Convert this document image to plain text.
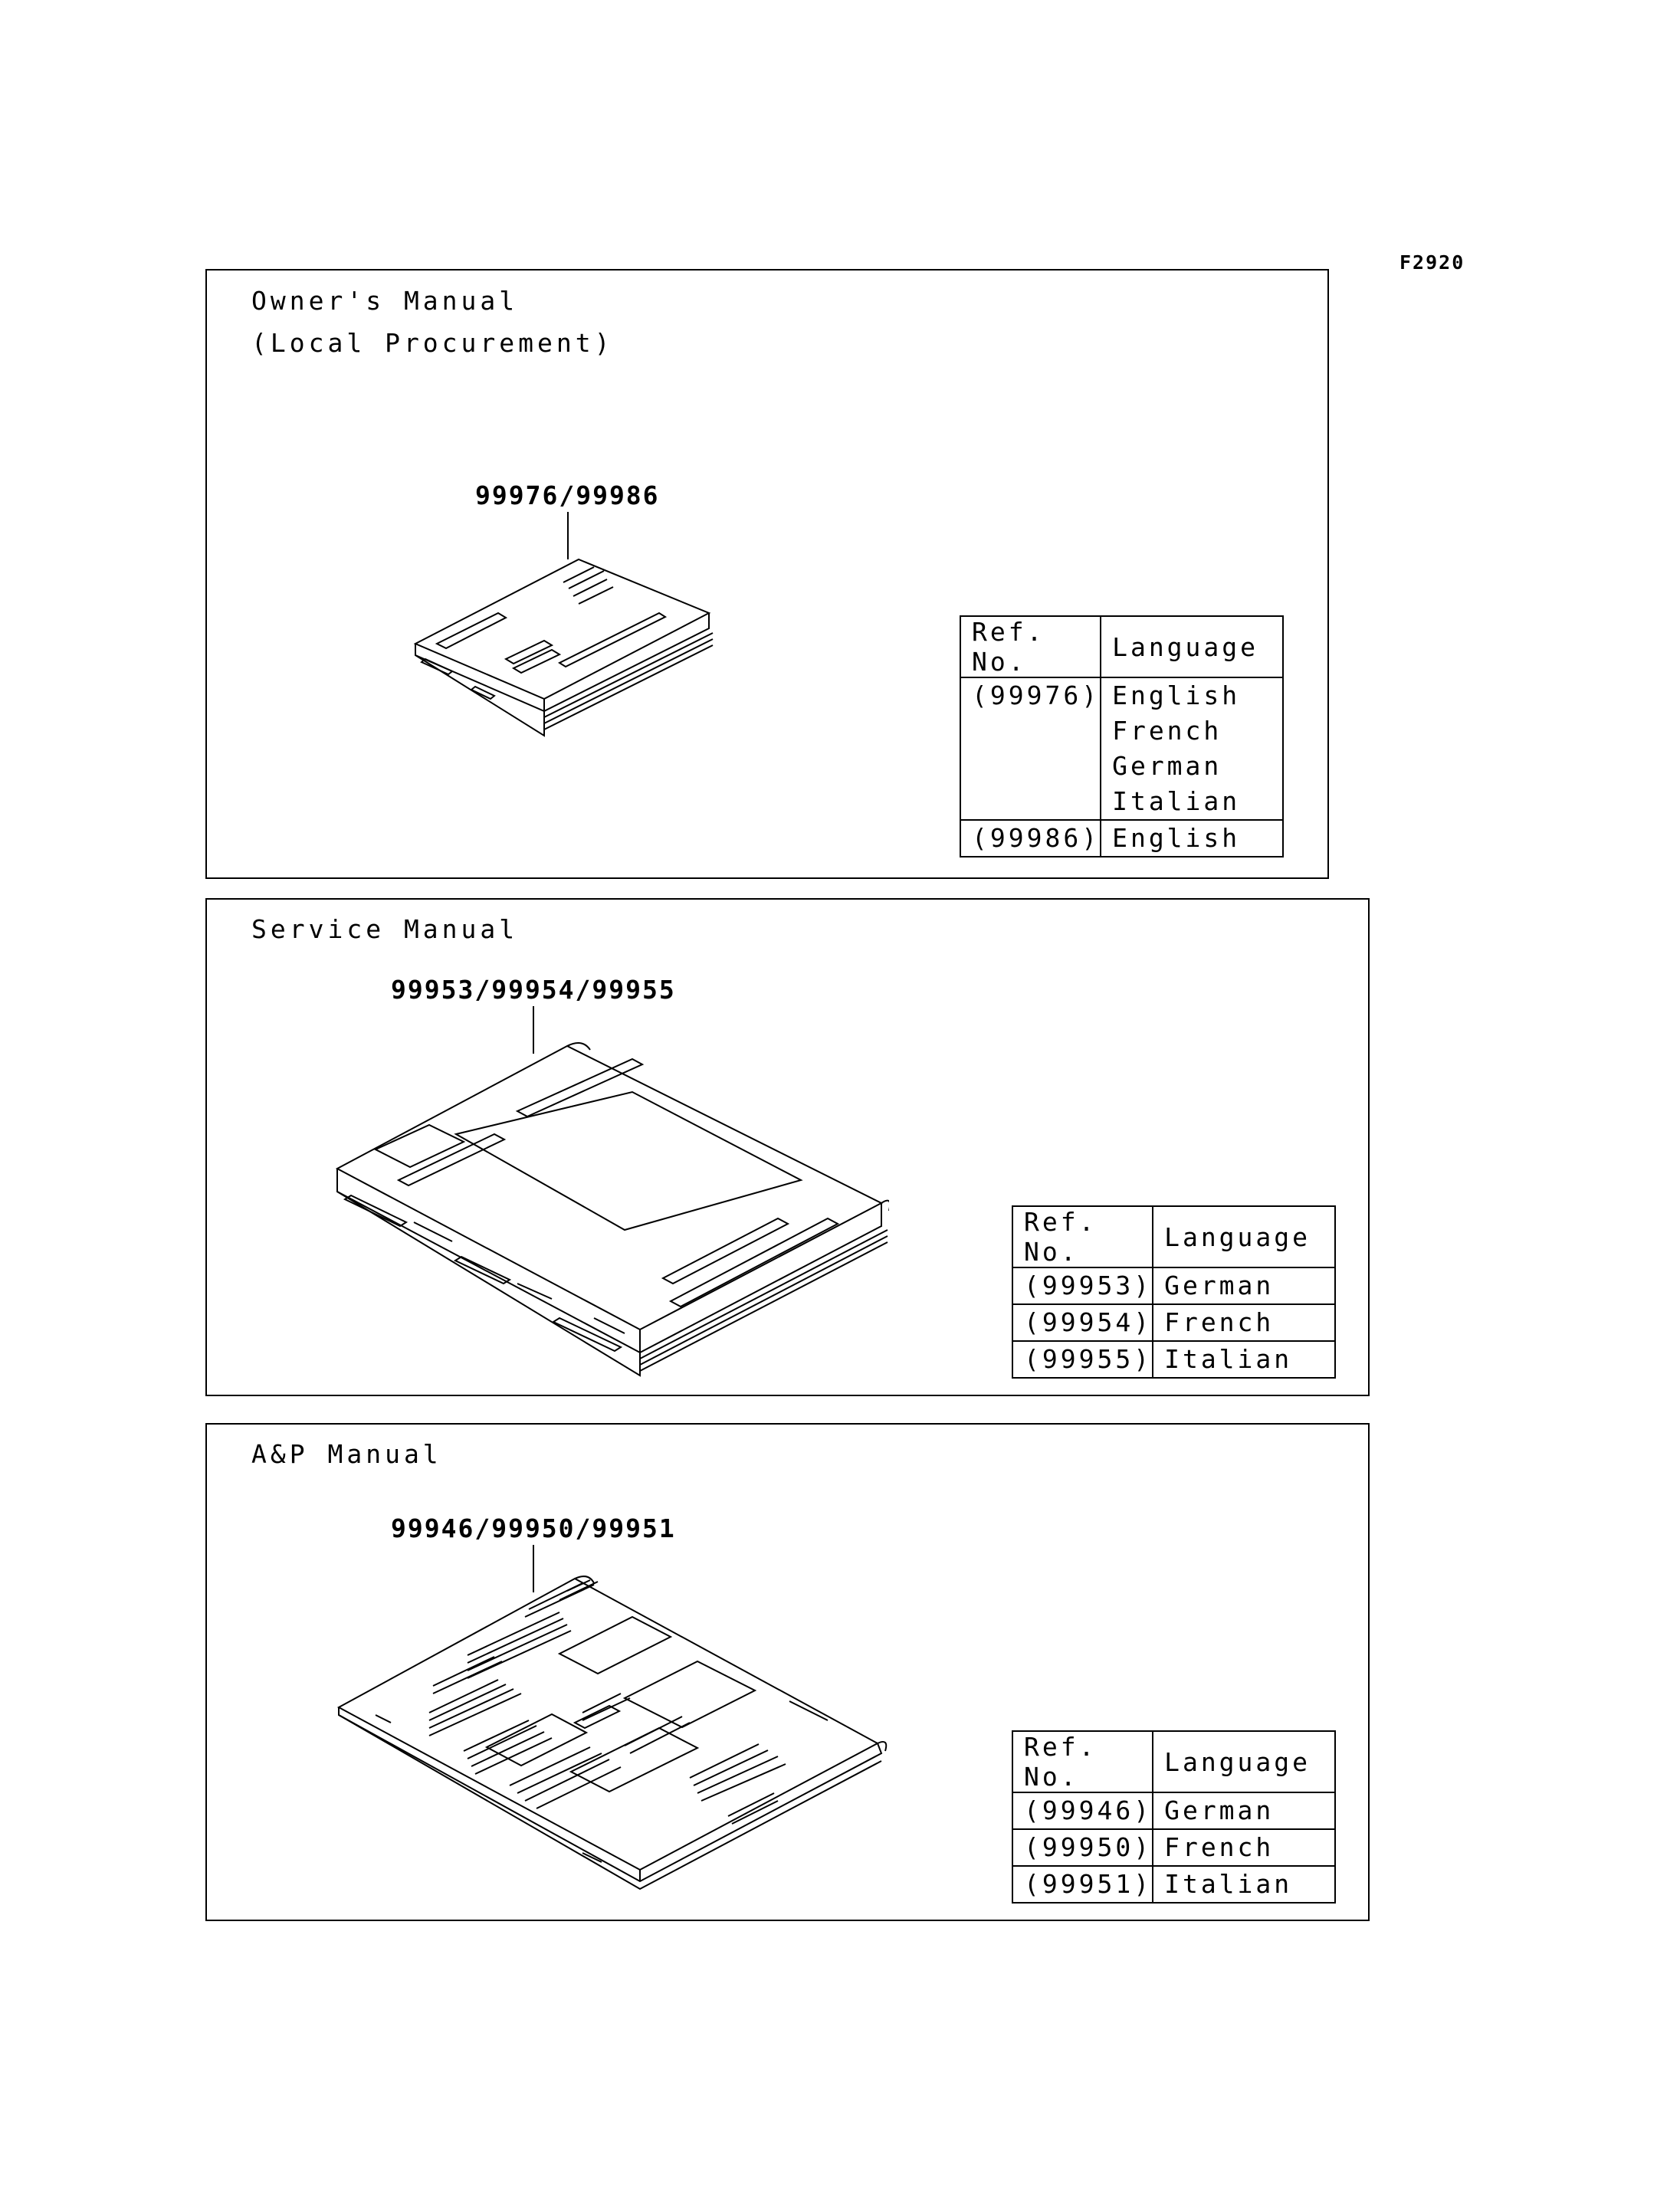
F2920
Owner's Manual
(Local Procurement)
99976/99986
Ref. No.	Language

(99976)	English
French
German
Italian

(99986)	English
Service Manual
99953/99954/99955
Ref. No.	Language

(99953)	German

(99954)	French

(99955)	Italian
A&P Manual
99946/99950/99951
Ref. No.	Language

(99946)	German

(99950)	French

(99951)	Italian
